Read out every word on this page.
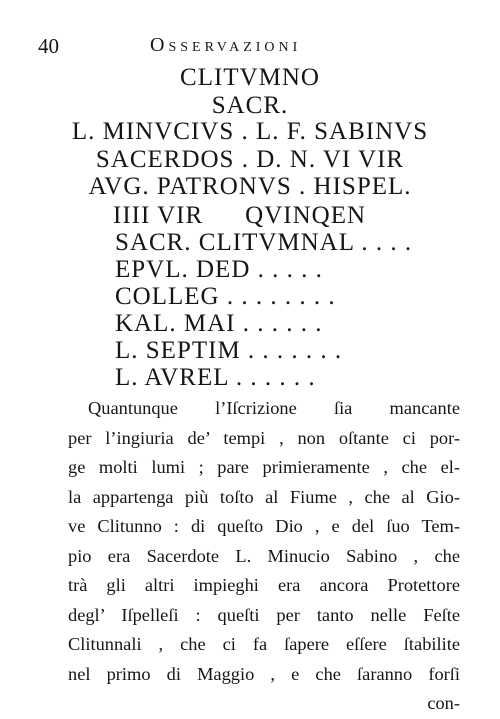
40	Osservazioni
CLITVMNO
SACR.
L. MINVCIVS . L. F. SABINVS
SACERDOS . D. N. VI VIR
AVG. PATRONVS . HISPEL.
IIII VIR QVINQEN
SACR. CLITVMNAL . . . .
EPVL. DED . . . . .
COLLEG . . . . . . . .
KAL. MAI . . . . . .
L. SEPTIM . . . . . . .
L. AVREL . . . . . .
Quantunque l’Iſcrizione ſia mancante
per l’ingiuria de’ tempi , non oſtante ci por-
ge molti lumi ; pare primieramente , che el-
la appartenga più toſto al Fiume , che al Gio-
ve Clitunno : di queſto Dio , e del ſuo Tem-
pio era Sacerdote L. Minucio Sabino , che
trà gli altri impieghi era ancora Protettore
degl’ Iſpelleſi : queſti per tanto nelle Feſte
Clitunnali , che ci fa ſapere eſſere ſtabilite
nel primo di Maggio , e che ſaranno forſi
con-
